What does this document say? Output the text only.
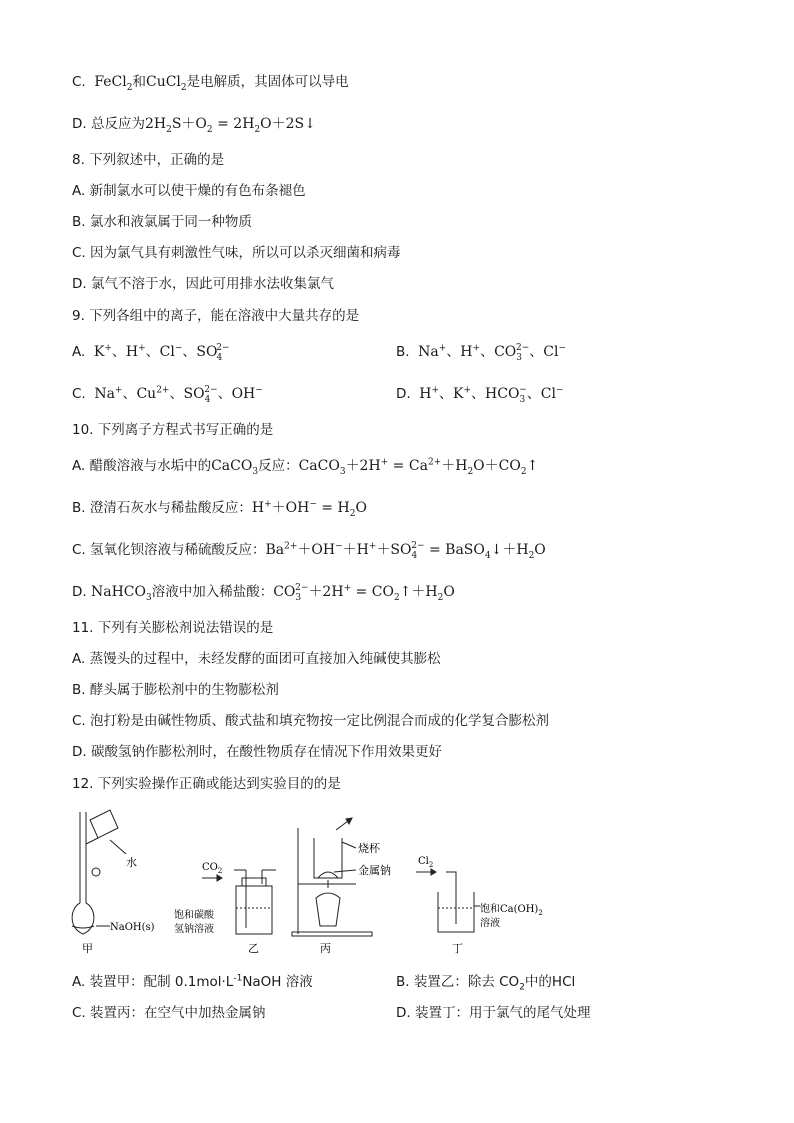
C. FeCl$_2$和CuCl$_2$是电解质，其固体可以导电
D. 总反应为$2H_2S+O_2$ = $2H_2O+2S↓$
8. 下列叙述中，正确的是
A. 新制氯水可以使干燥的有色布条褪色
B. 氯水和液氯属于同一种物质
C. 因为氯气具有刺激性气味，所以可以杀灭细菌和病毒
D. 氯气不溶于水，因此可用排水法收集氯气
9. 下列各组中的离子，能在溶液中大量共存的是
A. K+、H+、Cl−、$SO_4^{2-}$	B. Na+、H+、$CO_3^{2-}$、Cl−
C. Na+、$Cu^{2+}$、$SO_4^{2-}$、OH−	D. H+、K+、$HCO_3^-$、Cl−
10. 下列离子方程式书写正确的是
A. 醋酸溶液与水垢中的CaCO$_3$反应：CaCO$_3$＋2H+ = $Ca^{2+}+H_2O+CO_2↑$
B. 澄清石灰水与稀盐酸反应：$H^++OH^- = H_2O$
C. 氢氧化钡溶液与稀硫酸反应：$Ba^{2+}+OH^-+H^++SO_4^{2-}$ = $BaSO_4↓+H_2O$
D. NaHCO$_3$溶液中加入稀盐酸：$CO_3^{2-}+2H^+$ = $CO_2↑+H_2O$
11. 下列有关膨松剂说法错误的是
A. 蒸馒头的过程中，未经发酵的面团可直接加入纯碱使其膨松
B. 酵头属于膨松剂中的生物膨松剂
C. 泡打粉是由碱性物质、酸式盐和填充物按一定比例混合而成的化学复合膨松剂
D. 碳酸氢钠作膨松剂时，在酸性物质存在情况下作用效果更好
12. 下列实验操作正确或能达到实验目的的是
水
NaOH(s)
甲
$CO_2$
饱和碳酸
氢钠溶液
乙
烧杯
金属钠
丙
$Cl_2$
饱和$Ca(OH)_2$
溶液
丁
A. 装置甲：配制 $0.1mol\cdot L^{-1}NaOH$ 溶液	B. 装置乙：除去 $CO_2$中的HCl
C. 装置丙：在空气中加热金属钠	D. 装置丁：用于氯气的尾气处理
